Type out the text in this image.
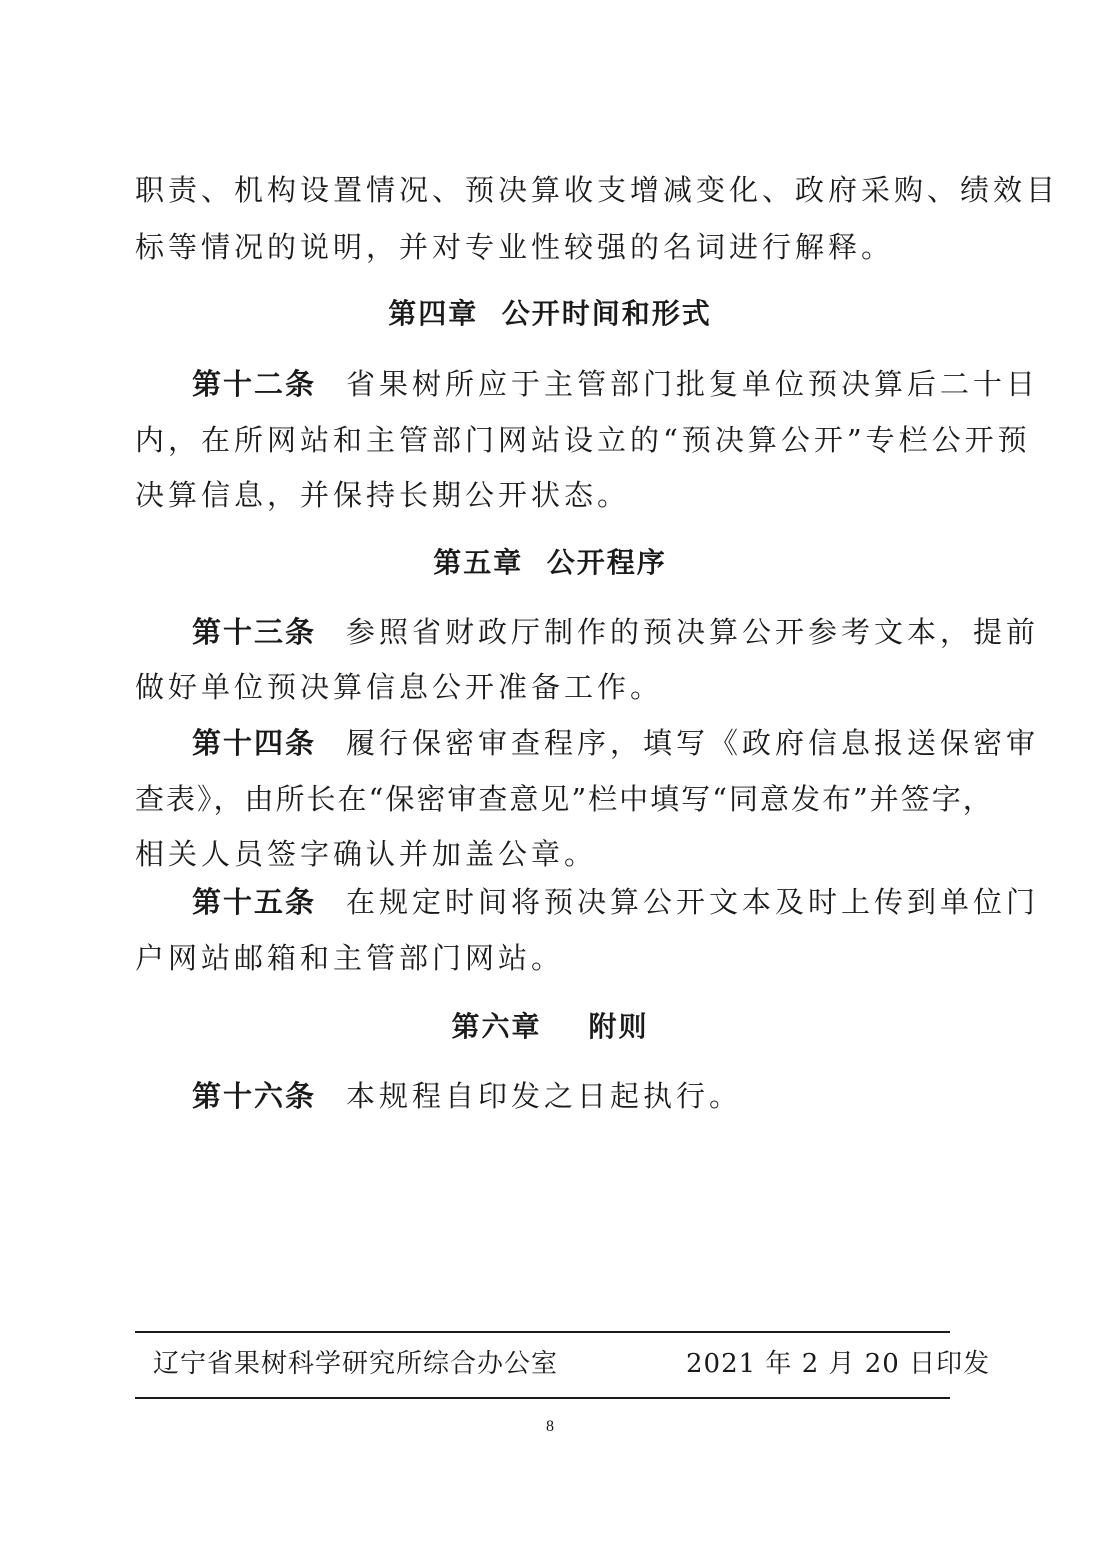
职责、机构设置情况、预决算收支增减变化、政府采购、绩效目
标等情况的说明，并对专业性较强的名词进行解释。
第四章  公开时间和形式
第十二条 省果树所应于主管部门批复单位预决算后二十日
内，在所网站和主管部门网站设立的“预决算公开”专栏公开预
决算信息，并保持长期公开状态。
第五章  公开程序
第十三条 参照省财政厅制作的预决算公开参考文本，提前
做好单位预决算信息公开准备工作。
第十四条 履行保密审查程序，填写《政府信息报送保密审
查表》，由所长在“保密审查意见”栏中填写“同意发布”并签字，
相关人员签字确认并加盖公章。
第十五条 在规定时间将预决算公开文本及时上传到单位门
户网站邮箱和主管部门网站。
第六章    附则
第十六条 本规程自印发之日起执行。
辽宁省果树科学研究所综合办公室	2021 年 2 月 20 日印发
8
